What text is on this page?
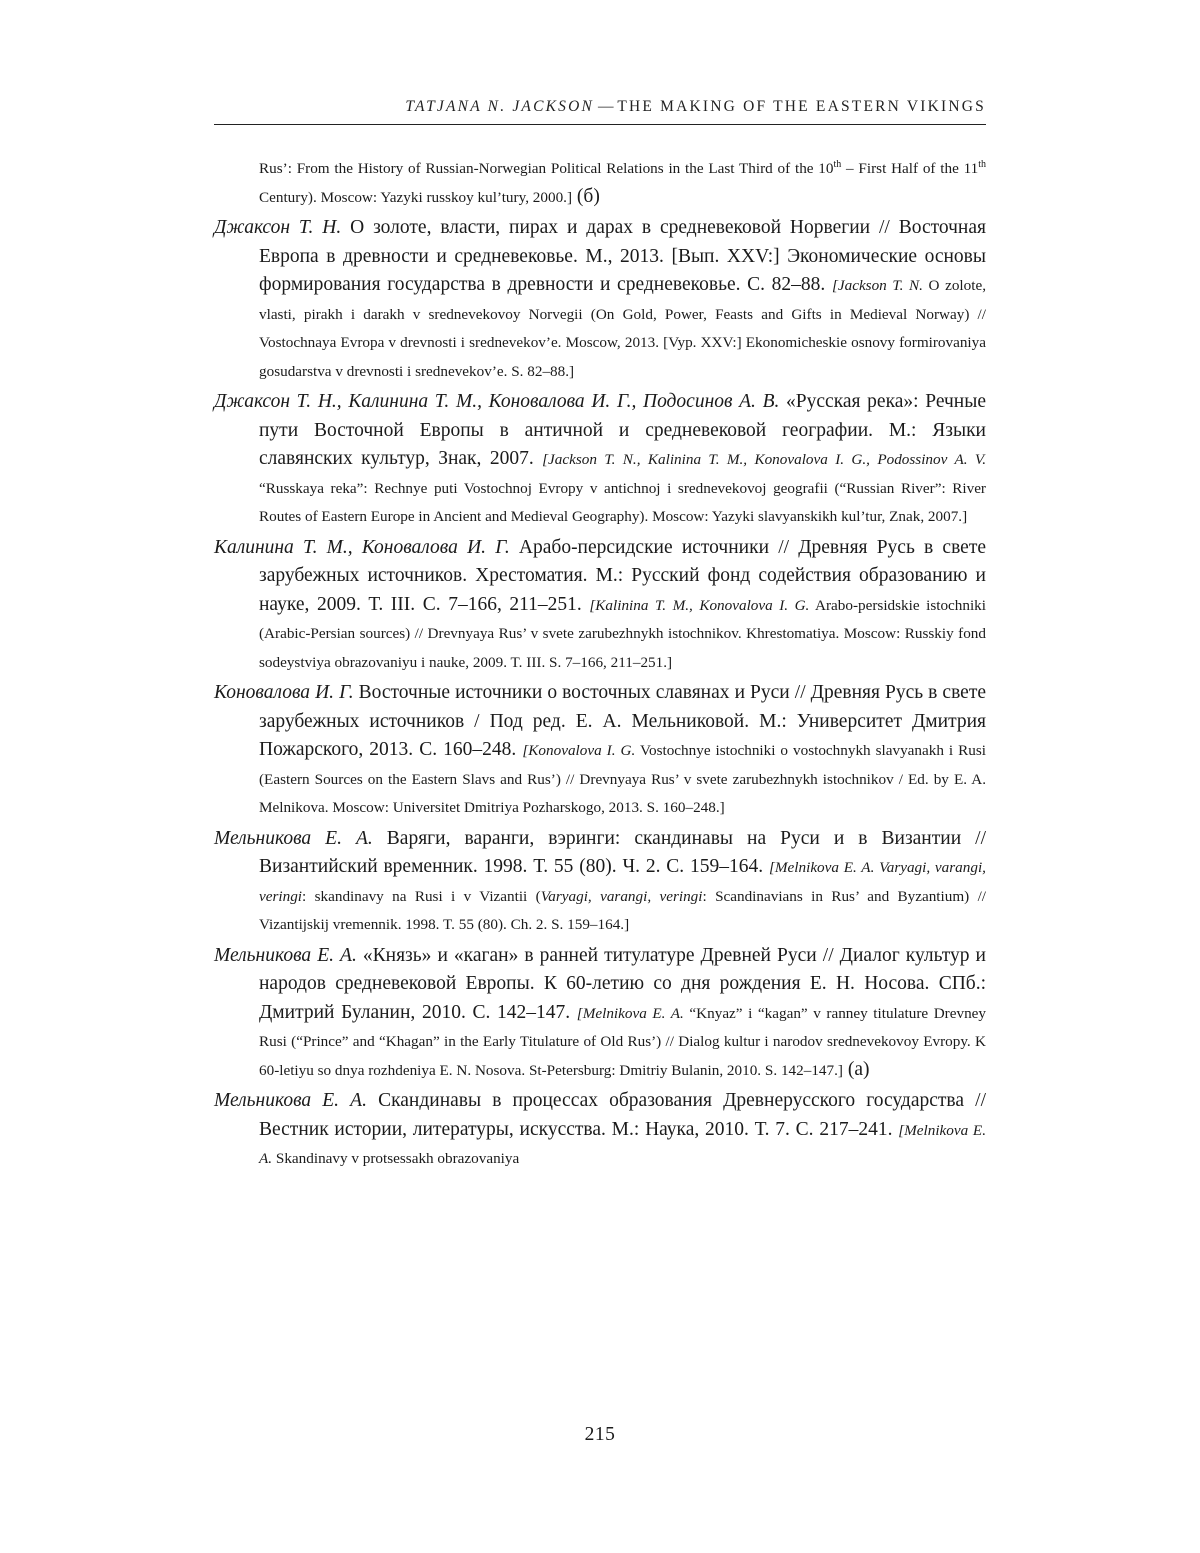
TATJANA N. JACKSON — THE MAKING OF THE EASTERN VIKINGS

Rus’: From the History of Russian-Norwegian Political Relations in the Last Third of the 10th – First Half of the 11th Century). Moscow: Yazyki russkoy kul’tury, 2000.] (б)

Джаксон Т. Н. О золоте, власти, пирах и дарах в средневековой Норвегии // Восточная Европа в древности и средневековье. М., 2013. [Вып. XXV:] Экономические основы формирования государства в древности и средневековье. С. 82–88. [Jackson T. N. O zolote, vlasti, pirakh i darakh v srednevekovoy Norvegii (On Gold, Power, Feasts and Gifts in Medieval Norway) // Vostochnaya Evropa v drevnosti i srednevekov’e. Moscow, 2013. [Vyp. XXV:] Ekonomicheskie osnovy formirovaniya gosudarstva v drevnosti i srednevekov’e. S. 82–88.]

Джаксон Т. Н., Калинина Т. М., Коновалова И. Г., Подосинов А. В. «Русская река»: Речные пути Восточной Европы в античной и средневековой географии. М.: Языки славянских культур, Знак, 2007. [Jackson T. N., Kalinina T. M., Konovalova I. G., Podossinov A. V. “Russkaya reka”: Rechnye puti Vostochnoj Evropy v antichnoj i srednevekovoj geografii (“Russian River”: River Routes of Eastern Europe in Ancient and Medieval Geography). Moscow: Yazyki slavyanskikh kul’tur, Znak, 2007.]

Калинина Т. М., Коновалова И. Г. Арабо-персидские источники // Древняя Русь в свете зарубежных источников. Хрестоматия. М.: Русский фонд содействия образованию и науке, 2009. Т. III. С. 7–166, 211–251. [Kalinina T. M., Konovalova I. G. Arabo-persidskie istochniki (Arabic-Persian sources) // Drevnyaya Rus’ v svete zarubezhnykh istochnikov. Khrestomatiya. Moscow: Russkiy fond sodeystviya obrazovaniyu i nauke, 2009. T. III. S. 7–166, 211–251.]

Коновалова И. Г. Восточные источники о восточных славянах и Руси // Древняя Русь в свете зарубежных источников / Под ред. Е. А. Мельниковой. М.: Университет Дмитрия Пожарского, 2013. С. 160–248. [Konovalova I. G. Vostochnye istochniki o vostochnykh slavyanakh i Rusi (Eastern Sources on the Eastern Slavs and Rus’) // Drevnyaya Rus’ v svete zarubezhnykh istochnikov / Ed. by E. A. Melnikova. Moscow: Universitet Dmitriya Pozharskogo, 2013. S. 160–248.]

Мельникова Е. А. Варяги, варанги, вэринги: скандинавы на Руси и в Византии // Византийский временник. 1998. Т. 55 (80). Ч. 2. С. 159–164. [Melnikova E. A. Varyagi, varangi, veringi: skandinavy na Rusi i v Vizantii (Varyagi, varangi, veringi: Scandinavians in Rus’ and Byzantium) // Vizantijskij vremennik. 1998. T. 55 (80). Ch. 2. S. 159–164.]

Мельникова Е. А. «Князь» и «каган» в ранней титулатуре Древней Руси // Диалог культур и народов средневековой Европы. К 60-летию со дня рождения Е. Н. Носова. СПб.: Дмитрий Буланин, 2010. С. 142–147. [Melnikova E. A. “Knyaz” i “kagan” v ranney titulature Drevney Rusi (“Prince” and “Khagan” in the Early Titulature of Old Rus’) // Dialog kultur i narodov srednevekovoy Evropy. K 60-letiyu so dnya rozhdeniya E. N. Nosova. St-Petersburg: Dmitriy Bulanin, 2010. S. 142–147.] (a)

Мельникова Е. А. Скандинавы в процессах образования Древнерусского государства // Вестник истории, литературы, искусства. М.: Наука, 2010. Т. 7. С. 217–241. [Melnikova E. A. Skandinavy v protsessakh obrazovaniya

215
